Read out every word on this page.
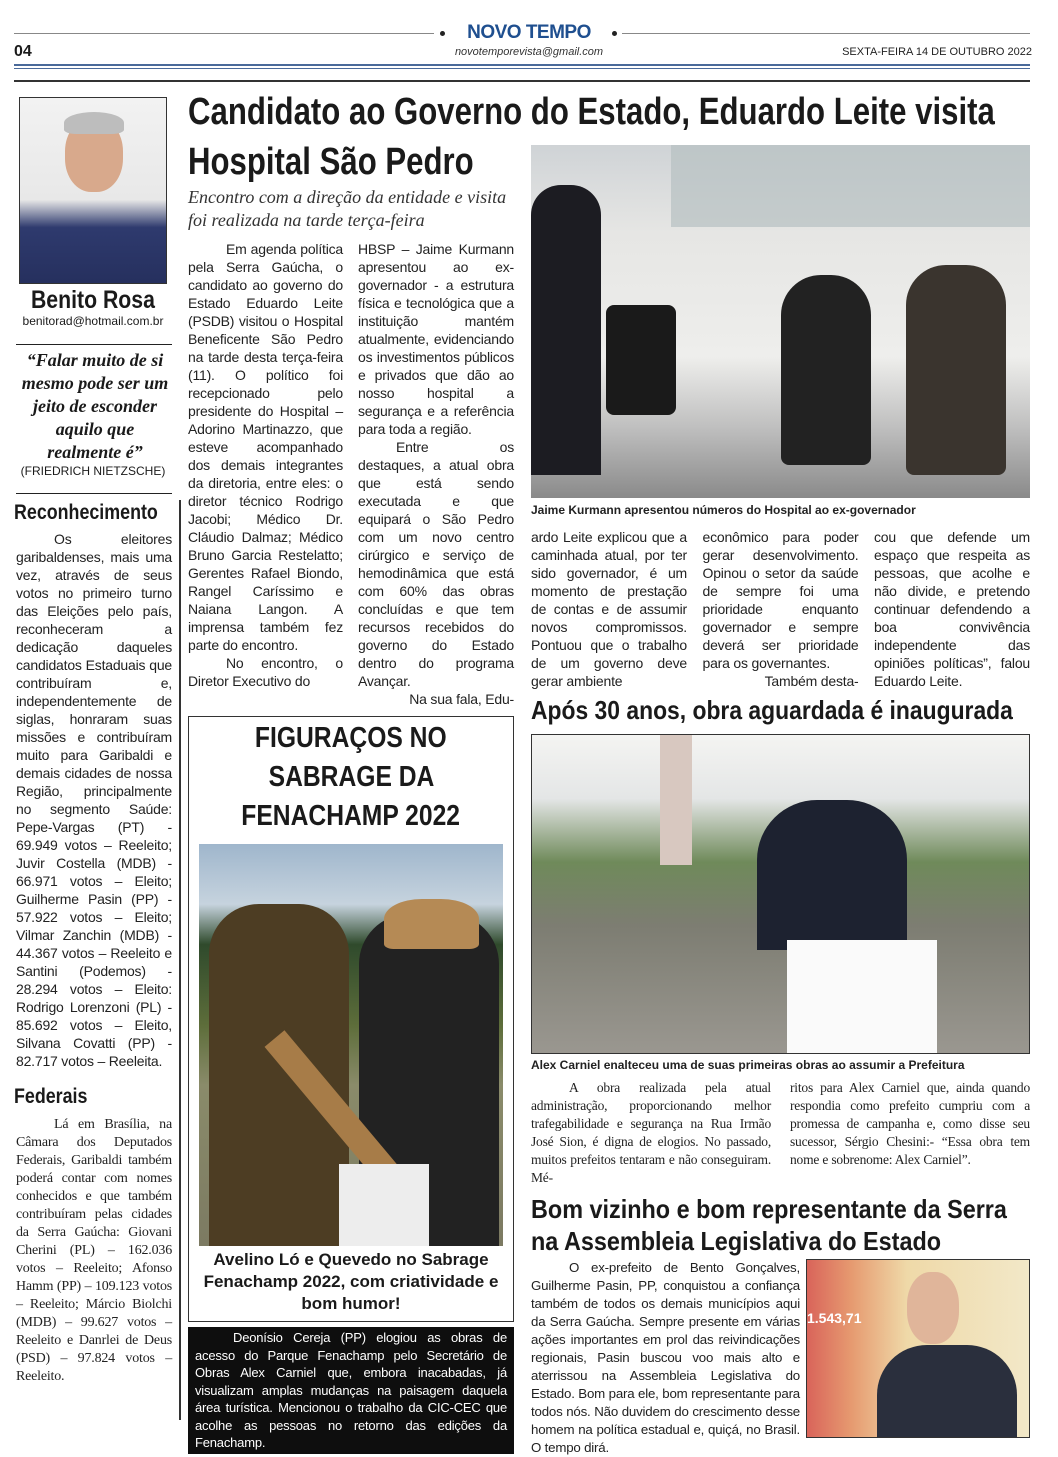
NOVO TEMPO
04	novotemporevista@gmail.com	SEXTA-FEIRA 14 DE OUTUBRO 2022
Benito Rosa
benitorad@hotmail.com.br
“Falar muito de si mesmo pode ser um jeito de esconder aquilo que realmente é”
(FRIEDRICH NIETZSCHE)
Reconhecimento

Os eleitores garibaldenses, mais uma vez, através de seus votos no primeiro turno das Eleições pelo país, reconheceram a dedicação daqueles candidatos Estaduais que contribuíram e, independentemente de siglas, honraram suas missões e contribuíram muito para Garibaldi e demais cidades de nossa Região, principalmente no segmento Saúde: Pepe-Vargas (PT) - 69.949 votos – Reeleito; Juvir Costella (MDB) - 66.971 votos – Eleito; Guilherme Pasin (PP) - 57.922 votos – Eleito; Vilmar Zanchin (MDB) - 44.367 votos – Reeleito e Santini (Podemos) - 28.294 votos – Eleito: Rodrigo Lorenzoni (PL) - 85.692 votos – Eleito, Silvana Covatti (PP) - 82.717 votos – Reeleita.

Federais

Lá em Brasília, na Câmara dos Deputados Federais, Garibaldi também poderá contar com nomes conhecidos e que também contribuíram pelas cidades da Serra Gaúcha: Giovani Cherini (PL) – 162.036 votos – Reeleito; Afonso Hamm (PP) – 109.123 votos – Reeleito; Márcio Biolchi (MDB) – 99.627 votos – Reeleito e Danrlei de Deus (PSD) – 97.824 votos – Reeleito.

Candidato ao Governo do Estado, Eduardo Leite visita
Hospital São Pedro
Encontro com a direção da entidade e visita foi realizada na tarde terça-feira

Em agenda política pela Serra Gaúcha, o candidato ao governo do Estado Eduardo Leite (PSDB) visitou o Hospital Beneficente São Pedro na tarde desta terça-feira (11). O político foi recepcionado pelo presidente do Hospital – Adorino Martinazzo, que esteve acompanhado dos demais integrantes da diretoria, entre eles: o diretor técnico Rodrigo Jacobi; Médico Dr. Cláudio Dalmaz; Médico Bruno Garcia Restelatto; Gerentes Rafael Biondo, Rangel Caríssimo e Naiana Langon. A imprensa também fez parte do encontro.

No encontro, o Diretor Executivo do

HBSP – Jaime Kurmann apresentou ao ex-governador - a estrutura física e tecnológica que a instituição mantém atualmente, evidenciando os investimentos públicos e privados que dão ao nosso hospital a segurança e a referência para toda a região.

Entre os destaques, a atual obra que está sendo executada e que equipará o São Pedro com um novo centro cirúrgico e serviço de hemodinâmica que está com 60% das obras concluídas e que tem recursos recebidos do governo do Estado dentro do programa Avançar.

Na sua fala, Edu-

FIGURAÇOS NO
SABRAGE DA
FENACHAMP 2022
Avelino Ló e Quevedo no Sabrage Fenachamp 2022, com criatividade e bom humor!

Deonísio Cereja (PP) elogiou as obras de acesso do Parque Fenachamp pelo Secretário de Obras Alex Carniel que, embora inacabadas, já visualizam amplas mudanças na paisagem daquela área turística. Mencionou o trabalho da CIC-CEC que acolhe as pessoas no retorno das edições da Fenachamp.

Jaime Kurmann apresentou números do Hospital ao ex-governador

ardo Leite explicou que a caminhada atual, por ter sido governador, é um momento de prestação de contas e de assumir novos compromissos. Pontuou que o trabalho de um governo deve gerar ambiente

econômico para poder gerar desenvolvimento. Opinou o setor da saúde de sempre foi uma prioridade enquanto governador e sempre deverá ser prioridade para os governantes.

Também desta-

cou que defende um espaço que respeita as pessoas, que acolhe e não divide, e pretendo continuar defendendo a boa convivência independente das opiniões políticas”, falou Eduardo Leite.

Após 30 anos, obra aguardada é inaugurada
Alex Carniel enalteceu uma de suas primeiras obras ao assumir a Prefeitura

A obra realizada pela atual administração, proporcionando melhor trafegabilidade e segurança na Rua Irmão José Sion, é digna de elogios. No passado, muitos prefeitos tentaram e não conseguiram. Mé-

ritos para Alex Carniel que, ainda quando respondia como prefeito cumpriu com a promessa de campanha e, como disse seu sucessor, Sérgio Chesini:- “Essa obra tem nome e sobrenome: Alex Carniel”.

Bom vizinho e bom representante da Serra
na Assembleia Legislativa do Estado

O ex-prefeito de Bento Gonçalves, Guilherme Pasin, PP, conquistou a confiança também de todos os demais municípios aqui da Serra Gaúcha. Sempre presente em várias ações importantes em prol das reivindicações regionais, Pasin buscou voo mais alto e aterrissou na Assembleia Legislativa do Estado. Bom para ele, bom representante para todos nós. Não duvidem do crescimento desse homem na política estadual e, quiçá, no Brasil. O tempo dirá.

1.543,71
